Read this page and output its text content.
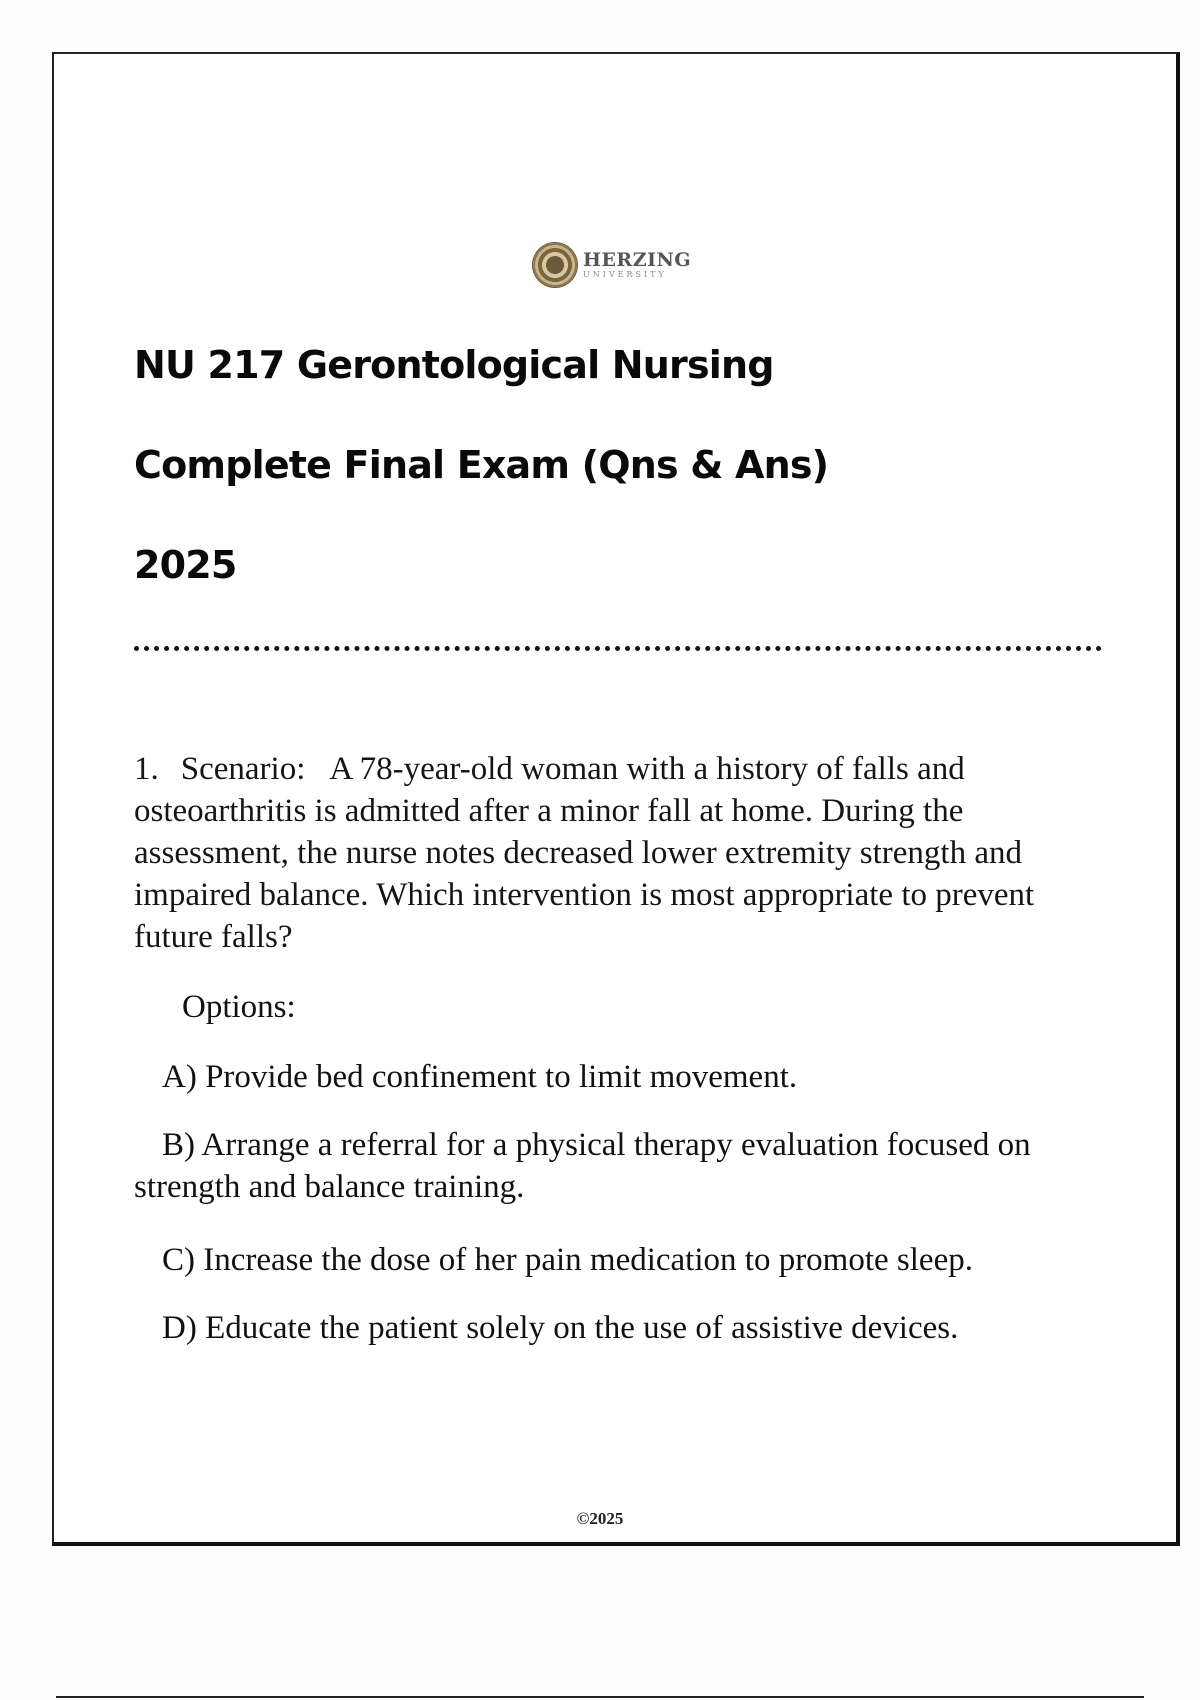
HERZING
UNIVERSITY
NU 217 Gerontological Nursing
Complete Final Exam (Qns & Ans)
2025

1. Scenario: A 78-year-old woman with a history of falls and osteoarthritis is admitted after a minor fall at home. During the assessment, the nurse notes decreased lower extremity strength and impaired balance. Which intervention is most appropriate to prevent future falls?

Options:

A) Provide bed confinement to limit movement.

B) Arrange a referral for a physical therapy evaluation focused on strength and balance training.

C) Increase the dose of her pain medication to promote sleep.

D) Educate the patient solely on the use of assistive devices.

©2025
